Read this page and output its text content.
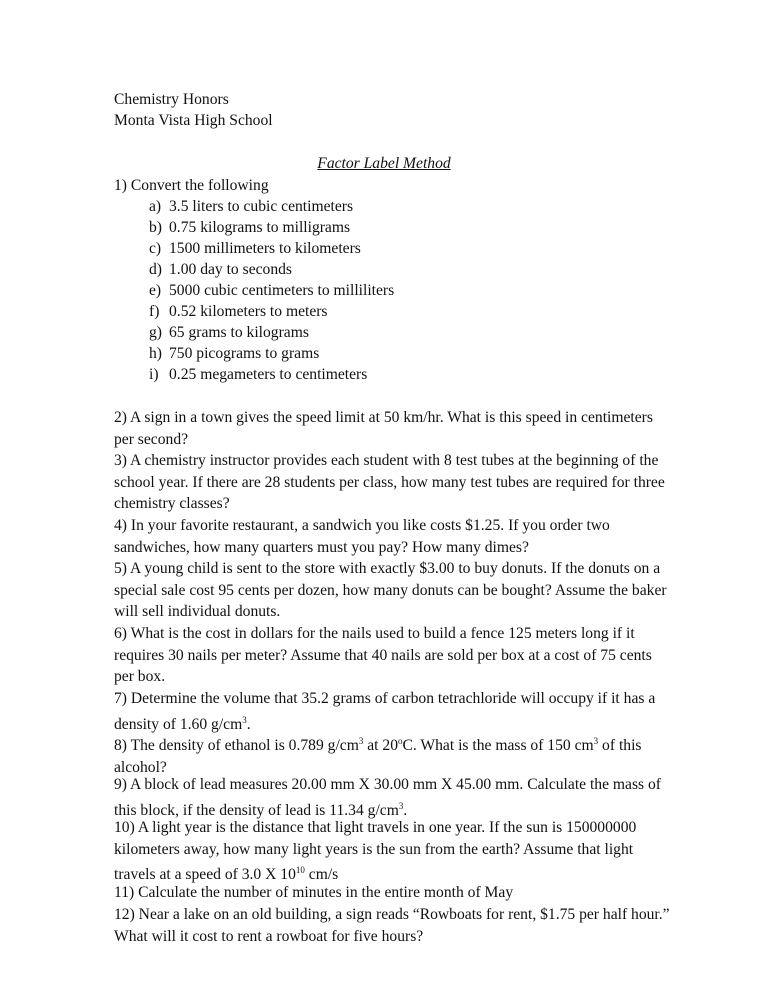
Chemistry Honors
Monta Vista High School
Factor Label Method
1) Convert the following
a) 3.5 liters to cubic centimeters
b) 0.75 kilograms to milligrams
c) 1500 millimeters to kilometers
d) 1.00 day to seconds
e) 5000 cubic centimeters to milliliters
f) 0.52 kilometers to meters
g) 65 grams to kilograms
h) 750 picograms to grams
i) 0.25 megameters to centimeters
2) A sign in a town gives the speed limit at 50 km/hr. What is this speed in centimeters per second?
3) A chemistry instructor provides each student with 8 test tubes at the beginning of the school year. If there are 28 students per class, how many test tubes are required for three chemistry classes?
4) In your favorite restaurant, a sandwich you like costs $1.25. If you order two sandwiches, how many quarters must you pay? How many dimes?
5) A young child is sent to the store with exactly $3.00 to buy donuts. If the donuts on a special sale cost 95 cents per dozen, how many donuts can be bought? Assume the baker will sell individual donuts.
6) What is the cost in dollars for the nails used to build a fence 125 meters long if it requires 30 nails per meter? Assume that 40 nails are sold per box at a cost of 75 cents per box.
7) Determine the volume that 35.2 grams of carbon tetrachloride will occupy if it has a density of 1.60 $g/cm^3$.
8) The density of ethanol is 0.789 $g/cm^3$ at 20$^o$C. What is the mass of 150 $cm^3$ of this alcohol?
9) A block of lead measures 20.00 mm X 30.00 mm X 45.00 mm. Calculate the mass of this block, if the density of lead is 11.34 $g/cm^3$.
10) A light year is the distance that light travels in one year. If the sun is 150000000 kilometers away, how many light years is the sun from the earth? Assume that light travels at a speed of 3.0 X $10^{10}$ cm/s
11) Calculate the number of minutes in the entire month of May
12) Near a lake on an old building, a sign reads “Rowboats for rent, $1.75 per half hour.” What will it cost to rent a rowboat for five hours?
